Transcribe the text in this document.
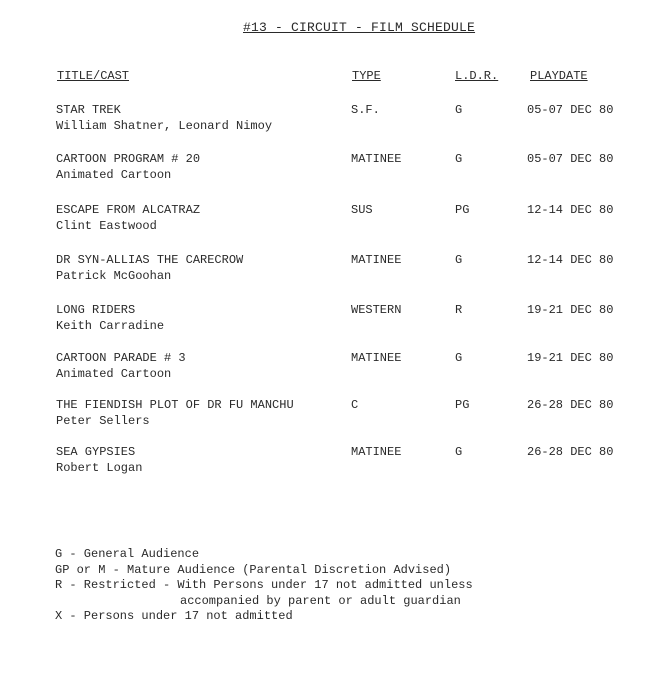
#13 - CIRCUIT - FILM SCHEDULE
TITLE/CAST	TYPE	L.D.R.	PLAYDATE
STAR TREK
William Shatner, Leonard Nimoy
S.F.	G	05-07 DEC 80
CARTOON PROGRAM # 20
Animated Cartoon
MATINEE	G	05-07 DEC 80
ESCAPE FROM ALCATRAZ
Clint Eastwood
SUS	PG	12-14 DEC 80
DR SYN-ALLIAS THE CARECROW
Patrick McGoohan
MATINEE	G	12-14 DEC 80
LONG RIDERS
Keith Carradine
WESTERN	R	19-21 DEC 80
CARTOON PARADE # 3
Animated Cartoon
MATINEE	G	19-21 DEC 80
THE FIENDISH PLOT OF DR FU MANCHU
Peter Sellers
C	PG	26-28 DEC 80
SEA GYPSIES
Robert Logan
MATINEE	G	26-28 DEC 80
G - General Audience
GP or M - Mature Audience (Parental Discretion Advised)
R - Restricted - With Persons under 17 not admitted unless
accompanied by parent or adult guardian
X - Persons under 17 not admitted
